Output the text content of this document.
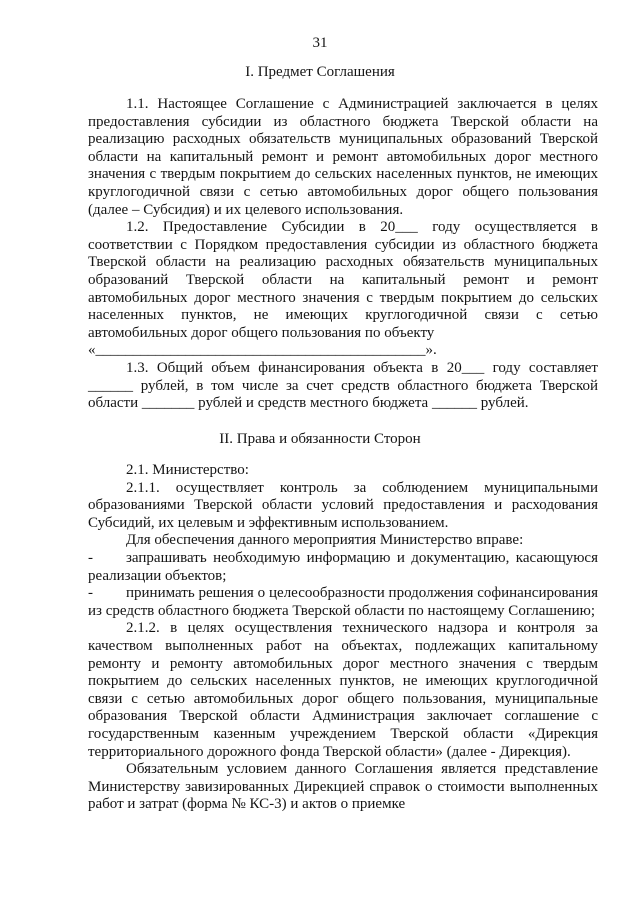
31
I. Предмет Соглашения

1.1. Настоящее Соглашение с Администрацией заключается в целях предоставления субсидии из областного бюджета Тверской области на реализацию расходных обязательств муниципальных образований Тверской области на капитальный ремонт и ремонт автомобильных дорог местного значения с твердым покрытием до сельских населенных пунктов, не имеющих круглогодичной связи с сетью автомобильных дорог общего пользования (далее – Субсидия) и их целевого использования.

1.2. Предоставление Субсидии в 20___ году осуществляется в соответствии с Порядком предоставления субсидии из областного бюджета Тверской области на реализацию расходных обязательств муниципальных образований Тверской области на капитальный ремонт и ремонт автомобильных дорог местного значения с твердым покрытием до сельских населенных пунктов, не имеющих круглогодичной связи с сетью автомобильных дорог общего пользования по объекту

«____________________________________________».

1.3. Общий объем финансирования объекта в 20___ году составляет ______ рублей, в том числе за счет средств областного бюджета Тверской области _______ рублей и средств местного бюджета ______ рублей.

II. Права и обязанности Сторон

2.1. Министерство:

2.1.1. осуществляет контроль за соблюдением муниципальными образованиями Тверской области условий предоставления и расходования Субсидий, их целевым и эффективным использованием.

Для обеспечения данного мероприятия Министерство вправе:

- запрашивать необходимую информацию и документацию, касающуюся реализации объектов;

- принимать решения о целесообразности продолжения софинансирования из средств областного бюджета Тверской области по настоящему Соглашению;

2.1.2. в целях осуществления технического надзора и контроля за качеством выполненных работ на объектах, подлежащих капитальному ремонту и ремонту автомобильных дорог местного значения с твердым покрытием до сельских населенных пунктов, не имеющих круглогодичной связи с сетью автомобильных дорог общего пользования, муниципальные образования Тверской области Администрация заключает соглашение с государственным казенным учреждением Тверской области «Дирекция территориального дорожного фонда Тверской области» (далее - Дирекция).

Обязательным условием данного Соглашения является представление Министерству завизированных Дирекцией справок о стоимости выполненных работ и затрат (форма № КС-3) и актов о приемке
